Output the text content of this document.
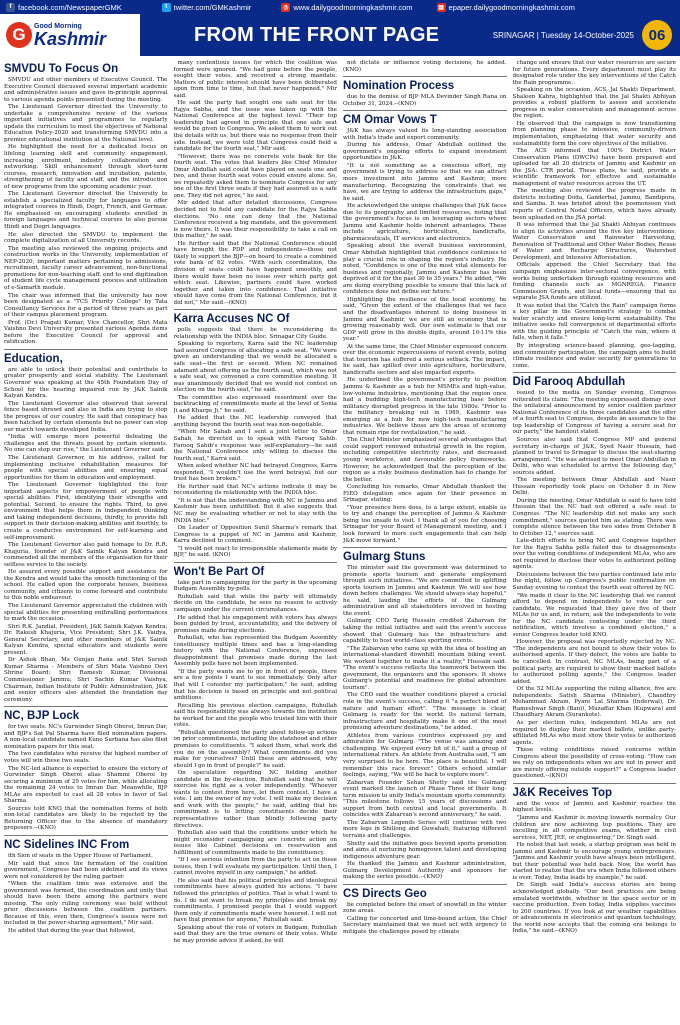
f facebook.com/NewspaperGMK	t twitter.com/GMKashmir	◎ www.dailygoodmorningkashmir.com	▤ epaper.dailygoodmorningkashmir.com
G	Good Morning
Kashmir	FROM THE FRONT PAGE	SRINAGAR | Tuesday 14-October-2025 06
SMVDU To Focus On

SMVDU and other members of Executive Council. The Executive Council discussed several important academic and administrative issues and gave in-principle approval to various agenda points presented during the meeting.

The Lieutenant Governor directed the University to undertake a comprehensive review of the various important initiatives and programmes to regularly update the curriculum to meet the objectives of National Education Policy-2020 and transforming SMVDU into a premier educational institution at the National level.

He highlighted the need for a dedicated focus on lifelong learning skill and community engagement, increasing enrolment, industry collaboration and networking. Skill enhancement through short-term courses, research, innovation and incubation, patents, strengthening of faculty and staff, and the introduction of new programs from the upcoming academic year.

The Lieutenant Governor directed the University to establish a specialized faculty for languages to offer integrated courses in Hindi, Dogri, French, and German. He emphasised on encouraging students enrolled in foreign languages and technical courses to also pursue Hindi and Dogri languages.

He also directed the SMVDU to implement the complete digitalization of all University records.

The meeting also reviewed the ongoing projects and construction works in the University, implementation of NEP-2020, important matters pertaining to admissions, recruitment, faculty career advancement, non-functional promotions for non-teaching staff, end to end digitization of student life cycle management process and utilization of e-Samarth module.

The chair was informed that the university has now been designated as a "TCS Priority College" by Tata Consultancy Services for a period of three years as part of their campus placement program.

Prof. (Dr.) Pragati Kumar, Vice Chancellor, Shri Mata Vaishno Devi University presented various Agenda items before the Executive Council for approval and ratification.

Education,

are able to unlock their potential and contribute to greater prosperity and social stability. The Lieutenant Governor was speaking at the 45th Foundation Day of School for the hearing impaired run by J&K Sainik Kalyan Kendra.

The Lieutenant Governor also observed that several fence based shrewd and also in India are trying to stop the progress of our country. He said that conspiracy has been hatched by certain elements but no power can stop our march towards developed India.

"India will emerge more powerful defeating the challenges and the threats posed by certain elements. No one can stop our rise," the Lieutenant Governor said.

The Lieutenant Governor, in his address, called for implementing inclusive rehabilitation measures for people with special abilities and ensuring equal opportunities for them in education and employment.

The Lieutenant Governor highlighted the four important aspects for empowerment of people with special abilities. First, identifying their strengths and potential. Second, to ensure the rights. Third, to give environment that helps them in independent thinking and taking independent decisions, thirdly, to provide full support in their decision-making abilities and fourthly, to create a conducive environment for self-learning and self-improvement.

The Lieutenant Governor also paid homage to Dr. R.R. Khajuria, founder of J&K Sainik Kalyan Kendra and commended all the members of the organisation for their selfless service to the society.

He assured every possible support and assistance for the Kendra and would take the smooth functioning of the school. He called upon the corporate houses, business community, and citizens to come forward and contribute to this noble endeavour.

The Lieutenant Governor appreciated the children with special abilities for presenting enthralling performances to mark the occasion.

Shri R.K. Jandial, President, J&K Sainik Kalyan Kendra; Dr. Rakesh Khajuria, Vice President; Shri J.K. Vaidya, General Secretary, and other members of J&K Sainik Kalyan Kendra, special educators and students were present.

Dr Ashok Bhan, Ms Gunjan Rana and Shri Suresh Kumar Sharma - Members of Shri Mata Vaishno Devi Shrine Board; Shri Ramesh Kumar, Divisional Commissioner Jammu; Shri Sachin Kumar Vaishya, Chairman, Indian Institute of Public Administration, J&K and senior officers also attended the foundation day ceremony.

NC, BJP Lock

for two seats. NC's Gurwinder Singh Oberoi, Imran Dar, and BJP's Sat Pal Sharma have filed nomination papers. A non-local candidate named Kuno Surbana has also filed nomination papers for this seat.

The two candidates who receive the highest number of votes will win these two seats.

The NC-led alliance is expected to ensure the victory of Gurwinder Singh Oberoi alias Shammi Oberoi by securing a minimum of 29 votes for him, while allocating the remaining 24 votes to Imran Dar. Meanwhile, BJP MLAs are expected to cast all 28 votes in favor of Sat Sharma.

Sources told KNO that the nomination forms of both non-local candidates are likely to be rejected by the Returning Officer due to the absence of mandatory proposers.--(KNO)

NC Sidelines INC From

ith Sion of seats in the Upper House of Parliament.

Mir said that since the formation of the coalition government, Congress had been sidelined and its views were not considered by the ruling partner.

"When the coalition time was extensive and the government was formed, the coordination and unity that should have been there among the partners were missing. The only ruling ceremony was held without prior discussions between the coalition partners. Because of this, even then, Congress's issues were not included in the power-sharing agreement," Mir said.

He added that during the year that followed,

many contentious issues for which the coalition was formed were ignored. "We had gone before the people, sought their votes, and received a strong mandate. Matters of public interest should have been deliberated upon from time to time, but that never happened," Mir said.

He said the party had sought one safe seat for the Rajya Sabha, and the issue was taken up with the National Conference at the highest level. "Their top leadership had agreed in principle that one safe seat would be given to Congress. We asked them to work out the details with us, but there was no response from their side. Instead, we were told that Congress could field a candidate for the fourth seat," Mir said.

"However, there was no concrete vote bank for the fourth seat. The votes that leaders like Chief Minister Omar Abdullah said could have played on seats one and two, and these fourth seat votes could ensure alone. So, we repeatedly asked them to nominate Congress for any one of the first three seats if they had assured us a safe one. They did not agree," he said.

Mir added that after detailed discussions, Congress decided not to field any candidate for the Rajya Sabha elections. "No one can deny that the National Conference received a big mandate, and the government is now theirs. It was their responsibility to take a call on this matter," he said.

He further said that the National Conference should have brought the PDP and independents—those not likely to support the BJP—on board to create a combined vote bank of 62 votes. "With such coordination, the division of seats could have happened smoothly, and there would have been no issue over which party got which seat. Likewise, partners could have worked together and taken into confidence. That initiative should have come from the National Conference, but it did not," Mir said.--(KNO)

Karra Accuses NC Of

polls suggests that there be reconsidering its relationship with the INDIA bloc. Srinagar City Guide.

Speaking to reporters, Karra said the NC leadership had assured Congress of allocating a safe seat. "We were given an understanding that we would be allocated a safe seat—the first or second. When NC remained adamant about offering us the fourth seat, which was not a safe seat, we convened a core committee meeting. It was unanimously decided that we would not contest on election on the fourth seat," he said.

The committee also expressed resentment over the backtracking of commitments made at the level of Sonia Ji and Kharge Ji," he said.

He added that the NC leadership conveyed that anything beyond the fourth seat was non-negotiable.

"When Mir Sahab and I sent a joint letter to Omar Sahab, he directed us to speak with Farooq Sahib. Farooq Sahib's response was self-explanatory—he said the National Conference only willing to discuss the fourth seat," Karra said.

When asked whether NC had betrayed Congress, Karra responded, "I wouldn't use the word betrayal, but our trust has been broken."

He further said that NC's actions indicate it may be reconsidering its relationship with the INDIA bloc.

"It is not that the understanding with NC in Jammu and Kashmir has been unfulfilled. But it also suggests that NC may be evaluating whether or not to stay with the INDIA bloc."

On Leader of Opposition Sunil Sharma's remark that Congress is a puppet of NC in Jammu and Kashmir, Karra declined to comment.

"I would not react to irresponsible statements made by BJP," he said. (KNO)

Won't Be Part Of

take part in campaigning for the party in the upcoming Budgam Assembly by-polls.

Ruhullah said that while the party will ultimately decide on the candidate, he sees no reason to actively campaign under the current circumstances.

He added that his engagement with voters has always been guided by trust, accountability, and the delivery of promises made during elections.

Ruhullah, who has represented the Budgam Assembly constituency multiple times and has a long-standing history with the National Conference, expressed disappointment that promises made during the last Assembly polls have not been implemented.

"If the party wants me to go in front of people, there are a few points I want to see immediately. Only after that will I consider my participation," he said, adding that his decision is based on principle and not political ambitions.

Recalling his previous election campaigns, Ruhullah said his responsibility was always towards the institution he worked for and the people who trusted him with their votes.

"Ruhullah questioned the party about follow-up actions on prior commitments, including the statehood and other promises to constituents. "I asked them, what work did you do on the assembly? What commitments did you make for yourselves? Until these are addressed, why should I go in front of people?" he said.

On speculation regarding NC fielding another candidate in the by-election, Ruhullah said that he will exercise his right as a voter independently. "Whoever wants to contest from here, let them contest. I have a vote. I am the owner of my vote. I will make my decision and work with the people," he said, adding that his commitment is to letting constituents decide their representatives rather than blindly following party directives.

Ruhullah also said that the conditions under which he might reconsider campaigning are concrete action on issues like Cabinet decisions on reservation and fulfillment of commitments made to the constituency.

"If I see serious intention from the party to act on these issues, then I will evaluate my participation. Until then, I cannot involve myself in any campaign," he added.

He also said that his political principles and ideological commitments have always guided his actions. "I have followed the principles of politics. That is what I want to do. I do not want to break my principles and break my commitments. I promised people that I would support them only if commitments made were honored. I will not have that promise for anyone," Ruhullah said.

Speaking about the role of voters in Budgam, Ruhullah said that they are the true owners of their votes. While he may provide advice if asked, he will

not dictate or influence voting decisions, he added. (KNO)

Nomination Process

due to the demise of BJP MLA Devinder Singh Rana on October 31, 2024.--(KNO)

CM Omar Vows T

J&K has always valued its long-standing association with India's trade and export community.

During his address, Omar Abdullah outlined the government's ongoing efforts to expand investment opportunities in J&K.

"It is not something as a conscious effort, my government is trying to address so that we can attract more investment into Jammu and Kashmir, more manufacturing. Recognizing the constraints that we have, we are trying to address the infrastructure gaps," he said.

He acknowledged the unique challenges that J&K faces due to its geography and limited resources, noting that the government's focus is on leveraging sectors where Jammu and Kashmir holds inherent advantages. These include agriculture, horticulture, handicrafts, pharmaceuticals, IT services and electronics.

Speaking about the overall business environment, Omar Abdullah highlighted that confidence continues to play a crucial role in shaping the region's industry. He noted, "Confidence is one of the most vital elements for business and regionally, Jammu and Kashmir has been deprived of it for the past 30 to 35 years." He added, "We are doing everything possible to ensure that this lack of confidence does not define our future."

Highlighting the resilience of the local economy, he said, "Given the extent of the challenges that we face and the disadvantages inherent to doing business in Jammu and Kashmir, we are still an economy that is growing reasonably well. Our own estimate is that our GDP will grow in the double digits, around 10-11% this year."

At the same time, the Chief Minister expressed concern over the economic repercussions of recent events, noting that tourism has suffered a serious setback. The impact, he said, has spilled over into agriculture, horticulture, handicrafts sectors and also impacted exports.

He underlined the government's priority to position Jammu & Kashmir as a hub for MSMEs and high-value, low-volume industries, mentioning that the region once had a budding high-tech manufacturing base before militancy disrupted progress in the late 1980s. "Prior to the militancy breaking out in 1989, Kashmir was emerging as a hub for new high-tech manufacturing industries. We believe those are the areas of economy that remain ripe for revitalization," he said.

The Chief Minister emphasized several advantages that could support renewed industrial growth in the region, including competitive electricity rates, and decreased young workforce, and favourable policy frameworks. However, he acknowledged that the perception of the region as a risky business destination has to change for the better.

Concluding his remarks, Omar Abdullah thanked the FIEO delegation once again for their presence in Srinagar, stating:

"Your presence here does, to a large extent, enable us to try and change the perception of Jammu & Kashmir being too unsafe to visit. I thank all of you for choosing Srinagar for your Board of Management meeting, and I look forward to more such engagements that can help J&K move forward."

Gulmarg Stuns

The minister said the government was determined to promote sports tourism and generate employment through such initiatives. "We are committed to uplifting sports tourism in Jammu and Kashmir. We will see how down before challenges. We should always stay hopeful," he said, lauding the efforts of the Gulmarg administration and all stakeholders involved in hosting the event.

Gulmarg CEO Tariq Hussain credited Zabarvan for taking the initial initiative and said the event's success showed that Gulmarg has the infrastructure and capability to host world-class sporting events.

"The Zabarvan who came up with the idea of hosting an international-standard downhill mountain biking event. We worked together to make it a reality," Hussain said. "The event's success reflects the teamwork between the government, the organizers and the sponsors. It shows Gulmarg's potential and readiness for global adventure tourism".

The CEO said the weather conditions played a crucial role in the event's success, calling it "a perfect blend of nature and human effort". "The message is clear, Gulmarg is ready for the world. Its natural terrain, infrastructure and hospitality make it one of the most promising adventure destinations," he added.

Athletes from various countries expressed joy and admiration for Gulmarg. "The venue was amazing and challenging. We enjoyed every bit of it," said a group of international riders. An athlete from Australia said, "I am very surprised to be here. The place is beautiful. I will remember this race forever." Others echoed similar feelings, saying, "We will be back to explore more".

Zabarvan Founder Sehan Shetty said the Gulmarg event marked the launch of Phase Three of their long-term mission to unify India's mountain sports community. "This milestone follows 15 years of discussions and support from both central and local governments. It coincides with Zabarvan's second anniversary," he said.

The Zabarvan Legends Series will continue with two more legs in Shillong and Guwahati, featuring different terrains and challenges.

Shetty said the initiative goes beyond sports promotion and aims at nurturing homegrown talent and developing indigenous adventure gear.

He thanked the Jammu and Kashmir administration, Gulmarg Development Authority and sponsors for making the series possible.--(KNO)

CS Directs Geo

be completed before the onset of snowfall in the winter zone areas.

Calling for concerted and time-bound action, the Chief Secretary maintained that we must act with urgency to mitigate the challenges posed by climate

change and ensure that our water resources are secure for future generations. Every department must play its designated role under the key interventions of the Catch the Rain programme.

Speaking on the occasion, ACS, Jal Shakti Department, Shaleen Kabra, highlighted that the Jal Shakti Abhiyan provides a robust platform to assess and accelerate progress in water conservation and management across the region.

He observed that the campaign is now transitioning from planning phase to intensive, community-driven implementation, emphasizing that water security and sustainability form the core objectives of the initiative.

The ACS informed that 100% District Water Conservation Plans (DWCPs) have been prepared and uploaded for all 20 districts of Jammu and Kashmir on the JSA: CTR portal. These plans, he said, provide a scientific framework for effective and sustainable management of water resources across the UT.

The meeting also reviewed the progress made in districts including Doda, Ganderbal, Jammu, Bandipora, and Samba. It was briefed about the posmonsoon visit reports of Central Nodal Officers, which have already been uploaded on the JSA portal.

It was informed that the Jal Shakti Abhiyan continues to align its activities around the five key interventions: Water Conservation and Rainwater Harvesting, Renovation of Traditional and Other Water Bodies, Reuse of Water and Recharge Structures, Watershed Development, and Intensive Afforestation.

Officials apprised the Chief Secretary that the campaign emphasizes inter-sectoral convergence, with works being undertaken through existing resources and funding channels such as MGNREGA, Finance Commission Grants, and local funds—ensuring that no separate JSA funds are utilized.

It was noted that the "Catch the Rain" campaign forms a key pillar in the Government's strategy to combat water scarcity and ensure long-term sustainability. The initiative seeks full convergence of departmental efforts with the guiding principle of "Catch the rain, where it falls, when it falls."

By integrating science-based planning, geo-tagging, and community participation, the campaign aims to build climate resilience and water security for generations to come.

Did Farooq Abdullah

issued to the media on Sunday evening, Congress reiterated its claim: "The meeting expressed dismay over the unilateral announcement by senior coalition partner National Conference of its three candidates and the offer of a fourth seat to Congress, despite an assurance to the top leadership of Congress of having a secure seat for our party," the handout stated.

Sources also said that Congress MP and general secretary in-charge of J&K, Syed Nasir Hussain, had planned to travel to Srinagar to discuss the seat-sharing arrangement. "He was advised to meet Omar Abdullah in Delhi, who was scheduled to arrive the following day," sources added.

The meeting between Omar Abdullah and Nasir Hussain reportedly took place on October 8 in New Delhi.

During the meeting, Omar Abdullah is said to have told Hussain that the NC had not offered a safe seat to Congress. "The NC leadership did not make any such commitment," sources quoted him as stating. There was complete silence between the two sides from October 8 to October 12," sources said.

Late-ditch efforts to bring NC and Congress together for the Rajya Sabha polls failed due to disagreements over the voting conditions of independent MLAs, who are not required to disclose their votes to authorized polling agents.

Discussions between the two parties continued late into the night, follow up Congress's public confirmation on Sunday evening to contest the fourth seat offered by NC.

"We made it clear to the NC leadership that we cannot afford to depend on independents to vote for our candidate. We requested that they gave five of their MLAs for us and, in return, ask the independents to vote for the NC candidate contesting under the third notification, which involves a combined election," a senior Congress leader told KNO.

However, the proposal was reportedly rejected by NC. "The independents are not bound to show their votes to authorised agents. If they defect, the votes are liable to be cancelled. In contrast, NC MLAs, being part of a political party, are required to show their marked ballots to authorized polling agents," the Congress leader added.

Of the 52 MLAs supporting the ruling alliance, five are independents: Satish Sharma (Minister), Chaudhry Mohammad Akram, Pyare Lal Sharma (Inderwal), Dr. Rameshwar Singh (Bani), Muzaffar Khan (Kupwara) and Chaudhary Akram (Surankote).

As per election rules, independent MLAs are not required to display their marked ballots, unlike party-affiliated MLAs who must show their votes to authorized agents.

These voting conditions raised concerns within Congress about the possibility of cross-voting. "How can we rely on independents when we are not in power and are merely offering outside support?" a Congress leader questioned.--(KNO)

J&K Receives Top

and the voice of Jammu and Kashmir reaches the highest levels.

"Jammu and Kashmir is moving towards normalcy. Our children are now achieving top positions. They are excelling in all competitive exams, whether in civil services, NET, JEE, or engineering," Dr. Singh said.

He noted that last week, a startup program was held in Jammu and Kashmir to encourage young entrepreneurs. "Jammu and Kashmir youth have always been intelligent, but their potential was held back. Now, the world has started to realize that the era when India followed others is over. Today, India leads by example," he said.

Dr. Singh said India's success stories are being acknowledged globally. "Our best practices are being emulated worldwide, whether in the space sector or in vaccine production. Even today, India supplies vaccines to 200 countries. If you look at our weather capabilities or advancements in electronics and quantum technology, the world now accepts that the coming era belongs to India," he said.--(KNO)
